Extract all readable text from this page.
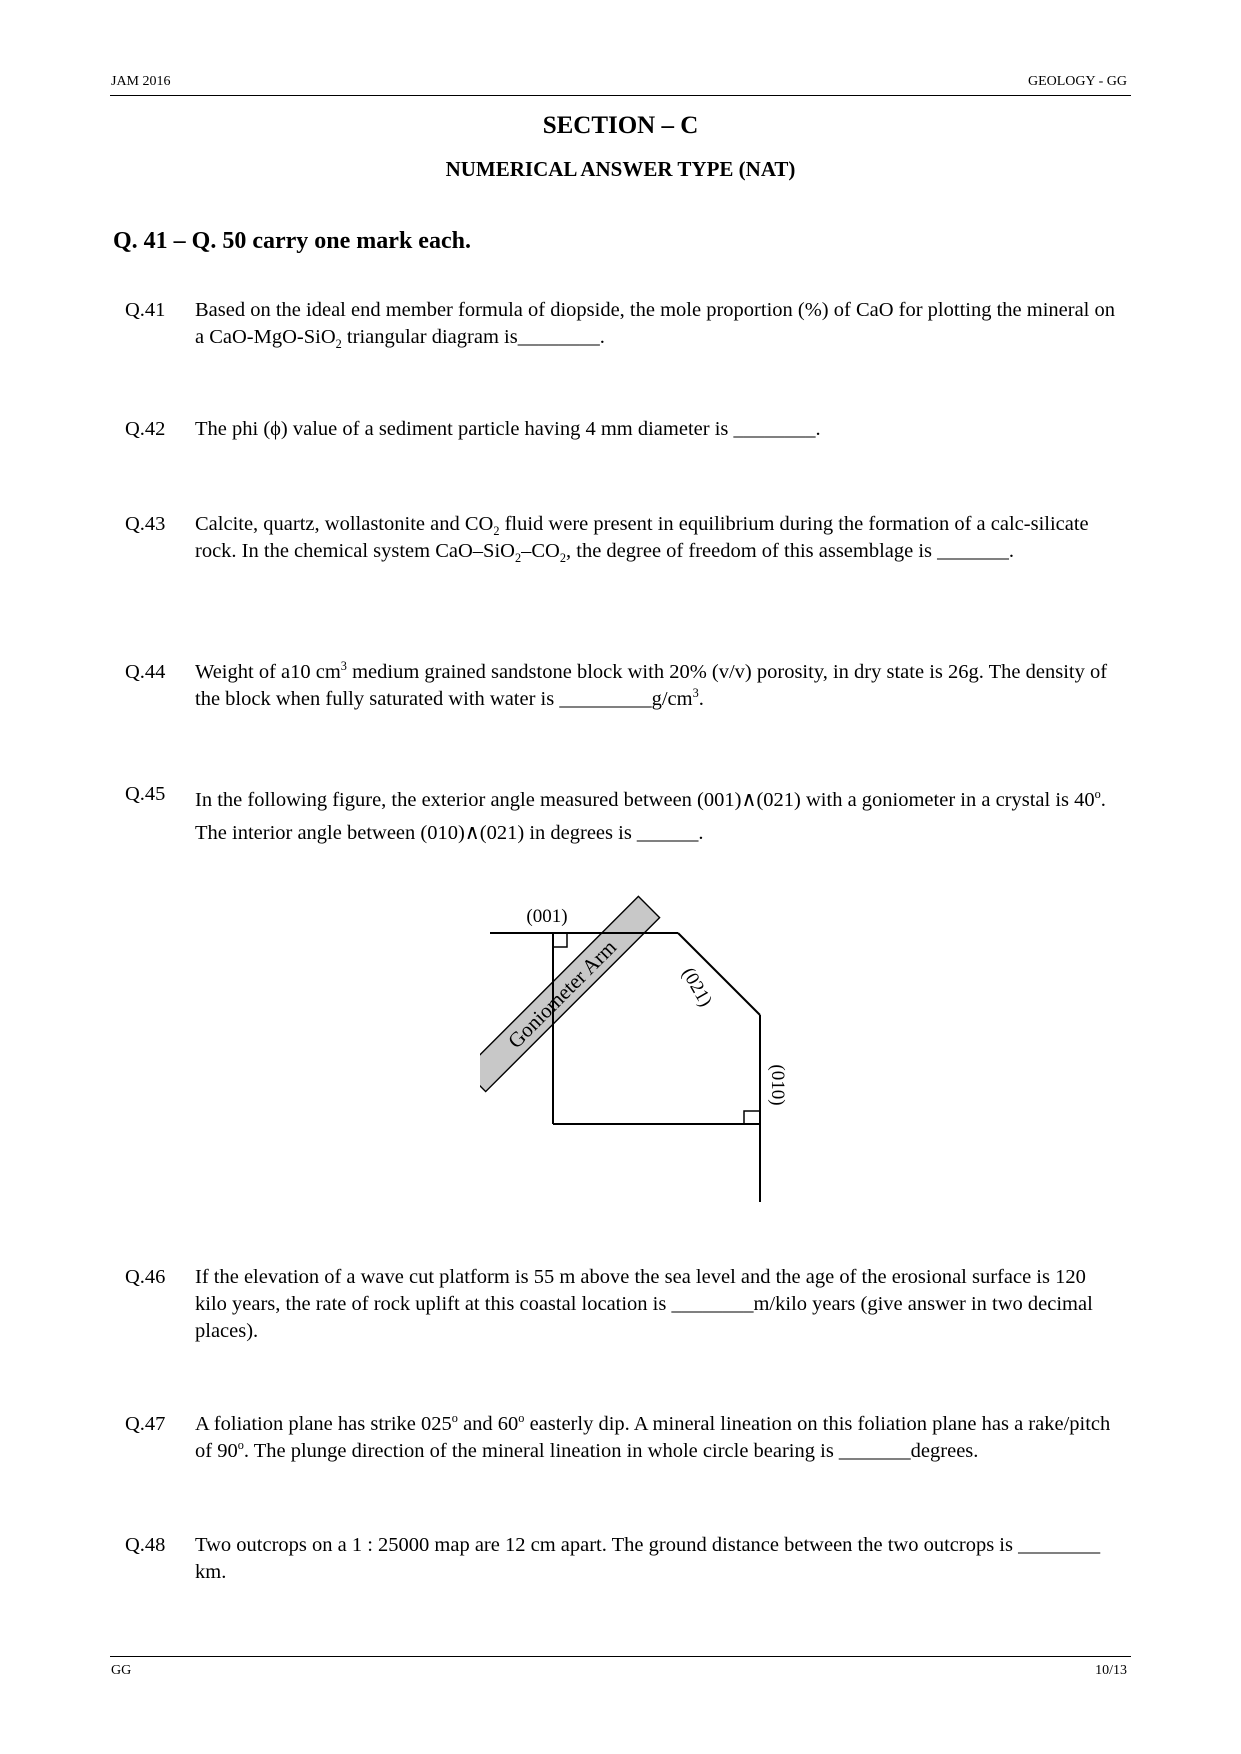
JAM 2016	GEOLOGY - GG
SECTION – C
NUMERICAL ANSWER TYPE (NAT)
Q. 41 – Q. 50 carry one mark each.
Q.41 Based on the ideal end member formula of diopside, the mole proportion (%) of CaO for plotting the mineral on a CaO-MgO-SiO$_2$ triangular diagram is________.
Q.42 The phi (ϕ) value of a sediment particle having 4 mm diameter is ________.
Q.43 Calcite, quartz, wollastonite and $CO_2$ fluid were present in equilibrium during the formation of a calc-silicate rock. In the chemical system CaO–$SiO_2-CO_2$, the degree of freedom of this assemblage is _______.
Q.44 Weight of a10 $cm^3$ medium grained sandstone block with 20% (v/v) porosity, in dry state is 26g. The density of the block when fully saturated with water is $\_\_\_\_\_\_\_\_\_g/cm^3$.
Q.45 In the following figure, the exterior angle measured between (001)∧(021) with a goniometer in a crystal is 40$^o$. The interior angle between (010)∧(021) in degrees is ______.
Goniometer Arm
(001)
(021)
(010)
Q.46 If the elevation of a wave cut platform is 55 m above the sea level and the age of the erosional surface is 120 kilo years, the rate of rock uplift at this coastal location is ________m/kilo years (give answer in two decimal places).
Q.47 A foliation plane has strike 025$^o$ and 60$^o$ easterly dip. A mineral lineation on this foliation plane has a rake/pitch of 90$^o$. The plunge direction of the mineral lineation in whole circle bearing is _______degrees.
Q.48 Two outcrops on a 1 : 25000 map are 12 cm apart. The ground distance between the two outcrops is ________ km.
GG	10/13
